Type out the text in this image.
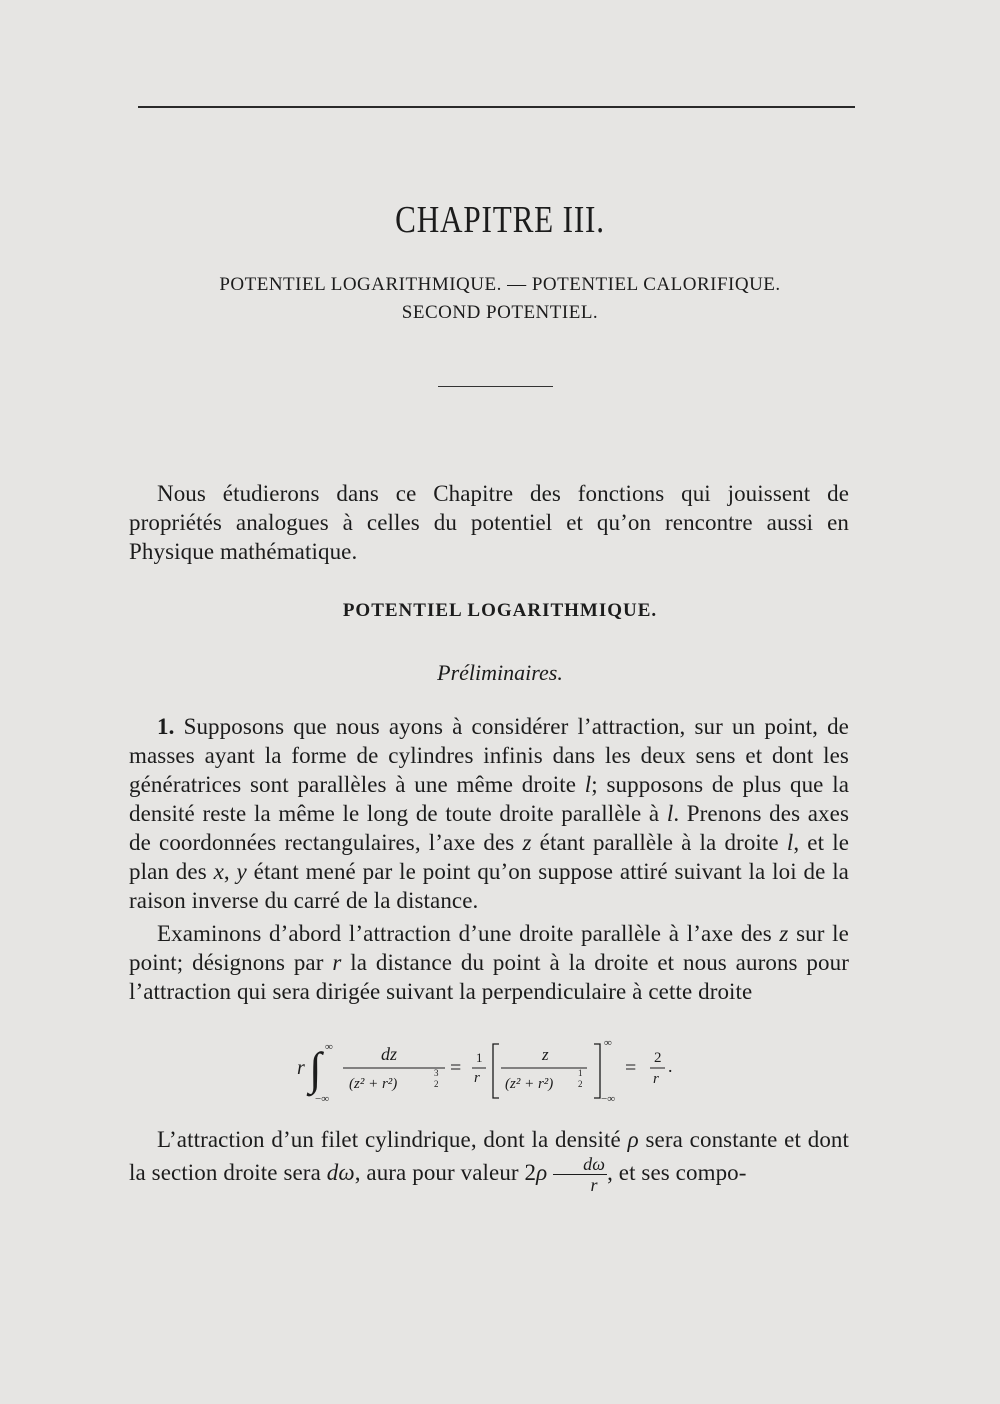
CHAPITRE III.
POTENTIEL LOGARITHMIQUE. — POTENTIEL CALORIFIQUE.
SECOND POTENTIEL.
Nous étudierons dans ce Chapitre des fonctions qui jouissent de propriétés analogues à celles du potentiel et qu’on rencontre aussi en Physique mathématique.
POTENTIEL LOGARITHMIQUE.
Préliminaires.
1. Supposons que nous ayons à considérer l’attraction, sur un point, de masses ayant la forme de cylindres infinis dans les deux sens et dont les génératrices sont parallèles à une même droite l; supposons de plus que la densité reste la même le long de toute droite parallèle à l. Prenons des axes de coordonnées rectangulaires, l’axe des z étant parallèle à la droite l, et le plan des x, y étant mené par le point qu’on suppose attiré suivant la loi de la raison inverse du carré de la distance.
Examinons d’abord l’attraction d’une droite parallèle à l’axe des z sur le point; désignons par r la distance du point à la droite et nous aurons pour l’attraction qui sera dirigée suivant la perpendiculaire à cette droite
r ∫ ∞
−∞
dz
(z² + r²)
3
2
= 1
r
z
(z² + r²)
1
2
∞
−∞
= 2
r
.
L’attraction d’un filet cylindrique, dont la densité ρ sera constante et dont la section droite sera dω, aura pour valeur $2\rho \frac{d\omega}{r}$ , et ses compo-
